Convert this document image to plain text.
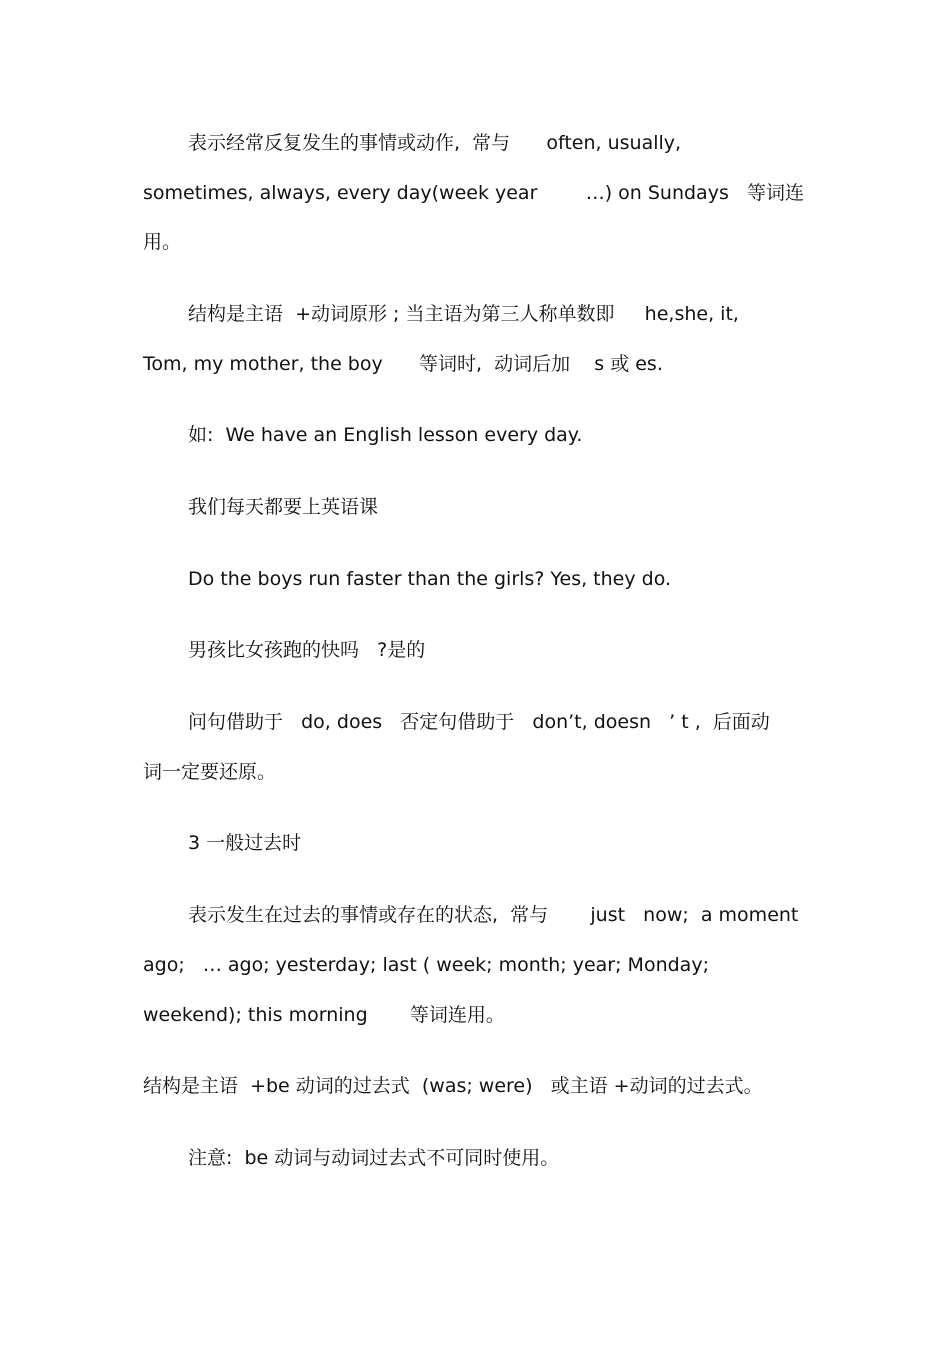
表示经常反复发生的事情或动作,  常与      often, usually,

sometimes, always, every day(week year        …) on Sundays   等词连

用。

结构是主语  +动词原形 ; 当主语为第三人称单数即     he,she, it,

Tom, my mother, the boy      等词时,  动词后加    s 或 es.

如:  We have an English lesson every day.

我们每天都要上英语课

Do the boys run faster than the girls? Yes, they do.

男孩比女孩跑的快吗   ?是的

问句借助于   do, does   否定句借助于   don’t, doesn   ’ t ,  后面动

词一定要还原。

3 一般过去时

表示发生在过去的事情或存在的状态,  常与       just   now;  a moment

ago;   … ago; yesterday; last ( week; month; year; Monday;

weekend); this morning       等词连用。

结构是主语  +be 动词的过去式  (was; were)   或主语 +动词的过去式。

注意:  be 动词与动词过去式不可同时使用。
